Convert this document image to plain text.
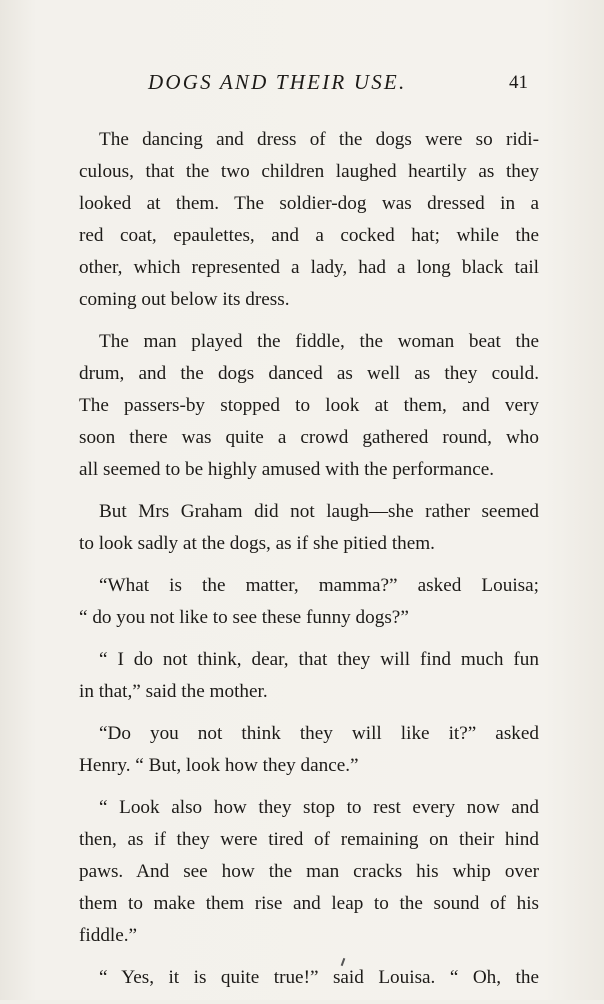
DOGS AND THEIR USE.	41
The dancing and dress of the dogs were so ridi-
culous, that the two children laughed heartily as they
looked at them. The soldier-dog was dressed in a
red coat, epaulettes, and a cocked hat; while the
other, which represented a lady, had a long black tail
coming out below its dress.
The man played the fiddle, the woman beat the
drum, and the dogs danced as well as they could.
The passers-by stopped to look at them, and very
soon there was quite a crowd gathered round, who
all seemed to be highly amused with the performance.
But Mrs Graham did not laugh—she rather seemed
to look sadly at the dogs, as if she pitied them.
“What is the matter, mamma?” asked Louisa;
“ do you not like to see these funny dogs?”
“ I do not think, dear, that they will find much fun
in that,” said the mother.
“Do you not think they will like it?” asked
Henry. “ But, look how they dance.”
“ Look also how they stop to rest every now and
then, as if they were tired of remaining on their hind
paws. And see how the man cracks his whip over
them to make them rise and leap to the sound of his
fiddle.”
“ Yes, it is quite true!” said Louisa. “ Oh, the
